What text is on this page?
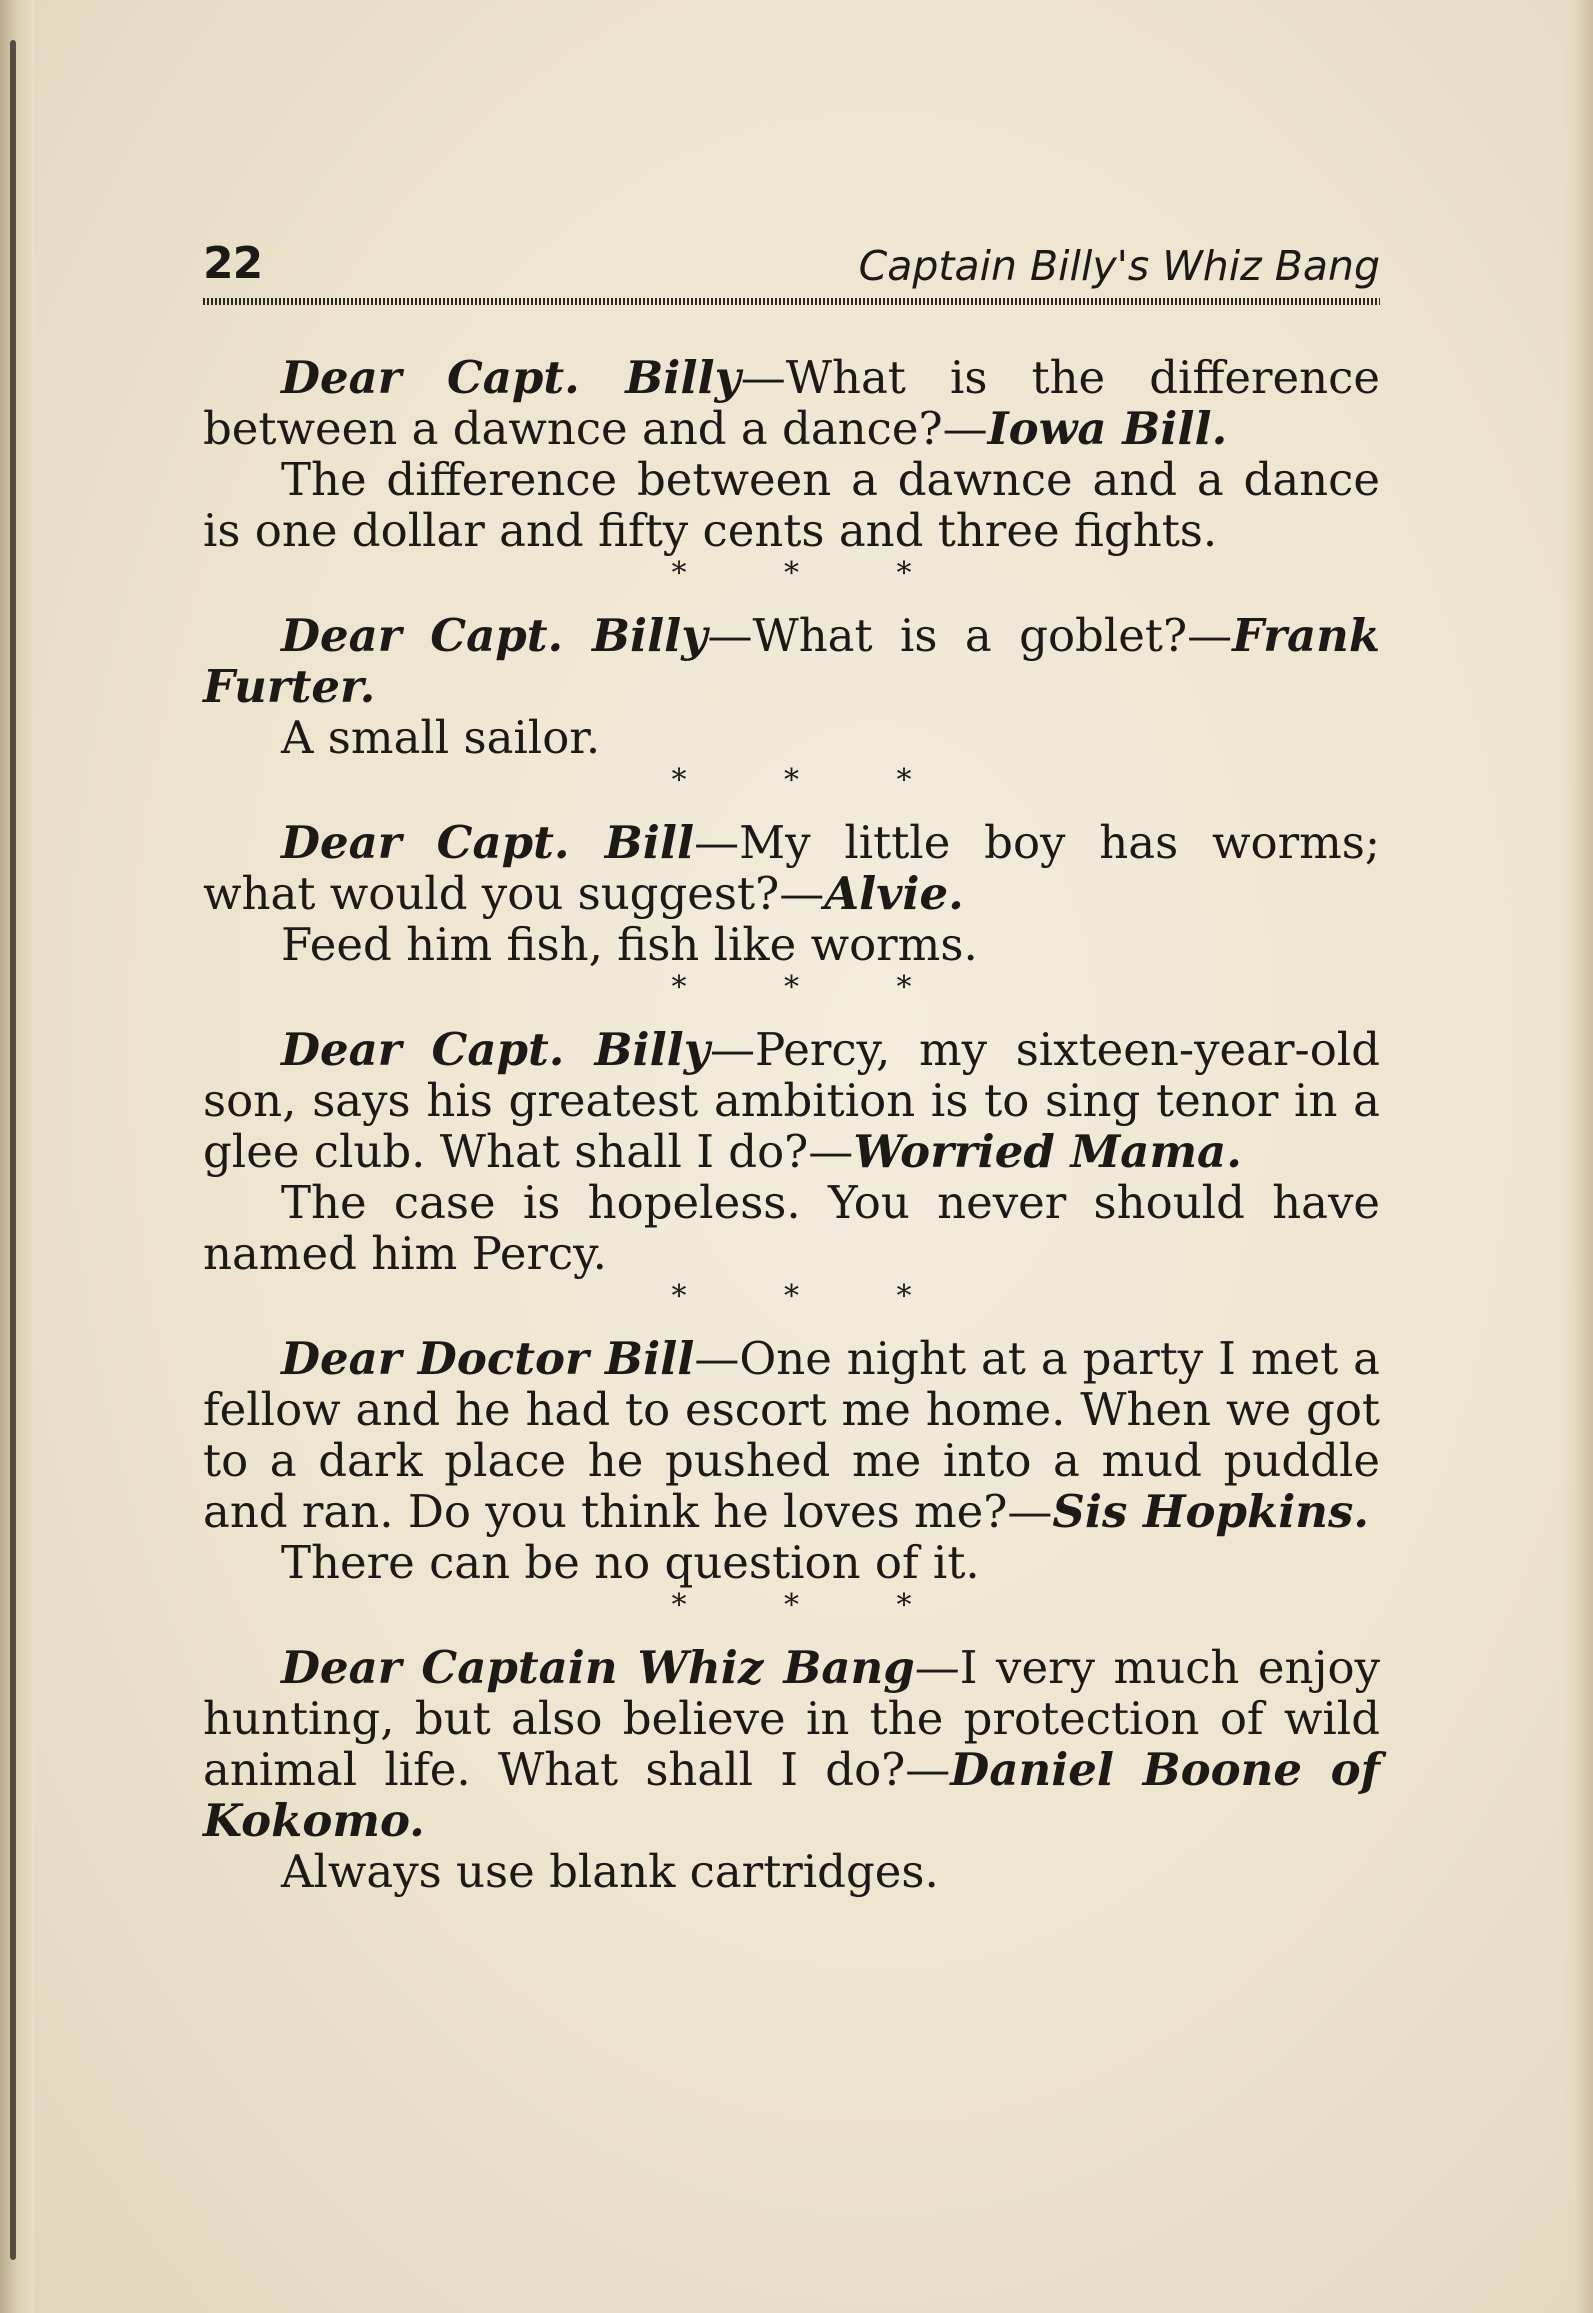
22	Captain Billy's Whiz Bang

Dear Capt. Billy—What is the difference between a dawnce and a dance?—Iowa Bill.

The difference between a dawnce and a dance is one dollar and fifty cents and three fights.

* * *

Dear Capt. Billy—What is a goblet?—Frank Furter.

A small sailor.

* * *

Dear Capt. Bill—My little boy has worms; what would you suggest?—Alvie.

Feed him fish, fish like worms.

* * *

Dear Capt. Billy—Percy, my sixteen-year-old son, says his greatest ambition is to sing tenor in a glee club. What shall I do?—Worried Mama.

The case is hopeless. You never should have named him Percy.

* * *

Dear Doctor Bill—One night at a party I met a fellow and he had to escort me home. When we got to a dark place he pushed me into a mud puddle and ran. Do you think he loves me?—Sis Hopkins.

There can be no question of it.

* * *

Dear Captain Whiz Bang—I very much enjoy hunting, but also believe in the protection of wild animal life. What shall I do?—Daniel Boone of Kokomo.

Always use blank cartridges.
